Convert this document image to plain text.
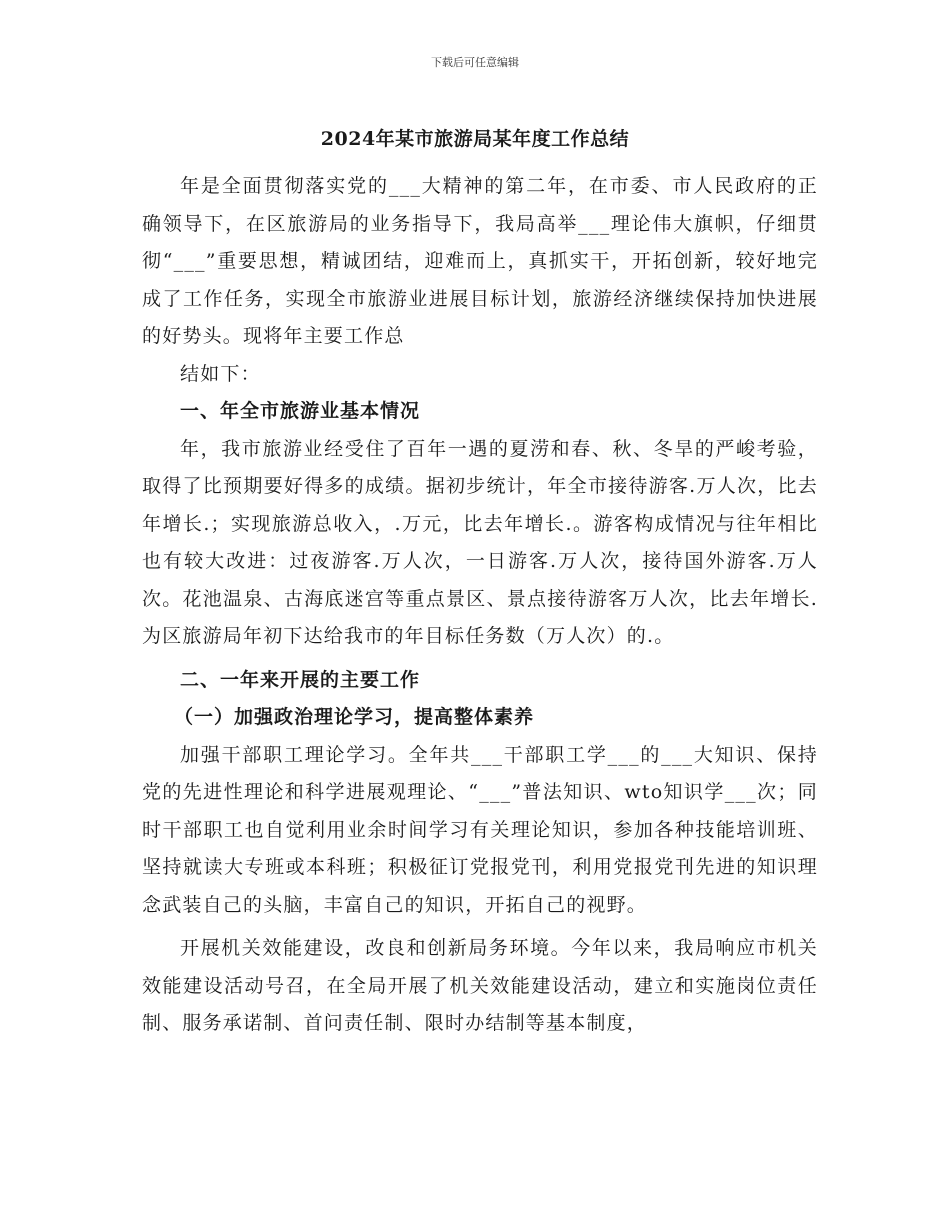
下载后可任意编辑
2024年某市旅游局某年度工作总结

年是全面贯彻落实党的___大精神的第二年，在市委、市人民政府的正确领导下，在区旅游局的业务指导下，我局高举___理论伟大旗帜，仔细贯彻“___”重要思想，精诚团结，迎难而上，真抓实干，开拓创新，较好地完成了工作任务，实现全市旅游业进展目标计划，旅游经济继续保持加快进展的好势头。现将年主要工作总

结如下：

一、年全市旅游业基本情况

年，我市旅游业经受住了百年一遇的夏涝和春、秋、冬旱的严峻考验，取得了比预期要好得多的成绩。据初步统计，年全市接待游客.万人次，比去年增长.；实现旅游总收入，.万元，比去年增长.。游客构成情况与往年相比也有较大改进：过夜游客.万人次，一日游客.万人次，接待国外游客.万人次。花池温泉、古海底迷宫等重点景区、景点接待游客万人次，比去年增长.为区旅游局年初下达给我市的年目标任务数（万人次）的.。

二、一年来开展的主要工作

（一）加强政治理论学习，提高整体素养

加强干部职工理论学习。全年共___干部职工学___的___大知识、保持党的先进性理论和科学进展观理论、“___”普法知识、wto知识学___次；同时干部职工也自觉利用业余时间学习有关理论知识，参加各种技能培训班、坚持就读大专班或本科班；积极征订党报党刊，利用党报党刊先进的知识理念武装自己的头脑，丰富自己的知识，开拓自己的视野。

开展机关效能建设，改良和创新局务环境。今年以来，我局响应市机关效能建设活动号召，在全局开展了机关效能建设活动，建立和实施岗位责任制、服务承诺制、首问责任制、限时办结制等基本制度，
